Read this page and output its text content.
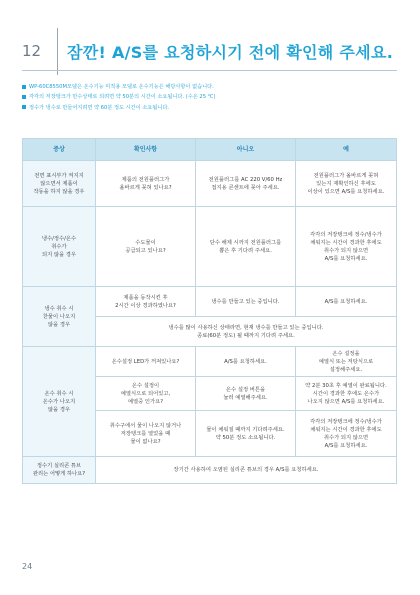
12 잠깐! A/S를 요청하시기 전에 확인해 주세요.
WP-60C8550M모델은 온수기능 미적용 모델로 온수기능은 해당사항이 없습니다.
각각의 저장탱크가 만수상태로 되려면 약 50분의 시간이 소요됩니다. (수온 25 ℃)
정수가 냉수로 만들어지려면 약 60분 정도 시간이 소요됩니다.
증상	확인사항	아니오	예
전면 표시부가 켜지지
않으면서 제품이
작동을 하지 않을 경우	제품의 전원플러그가
올바르게 꽂혀 있나요?	전원플러그를 AC 220 V/60 Hz
접지용 콘센트에 꽂아 주세요.	전원플러그가 올바르게 꽂혀
있는지 재확인하신 후에도
이상이 있으면 A/S를 요청하세요.
냉수/정수/온수
취수가
되지 않을 경우	수도물이
공급되고 있나요?	단수 해제 시까지 전원플러그를
뽑은 후 기다려 주세요.	각각의 저장탱크에 정수/냉수가
채워지는 시간이 경과한 후에도
취수가 되지 않으면
A/S를 요청하세요.
냉수 취수 시
찬물이 나오지
않을 경우	제품을 동작시킨 후
2시간 이상 경과하였나요?	냉수를 만들고 있는 중입니다.	A/S를 요청하세요.
	냉수를 많이 사용하신 상태라면, 현재 냉수를 만들고 있는 중입니다.
종료(60분 정도) 될 때까지 기다려 주세요.		
온수 취수 시
온수가 나오지
않을 경우	온수설정 LED가 꺼져있나요?	A/S를 요청하세요.	온수 설정을
예열식 또는 저탕식으로
설정해주세요.
	온수 설정이
예열식으로 되어있고,
예열중 인가요?	온수 설정 버튼을
눌러 예열해주세요.	약 2분 30초 후 예열이 완료됩니다.
시간이 경과한 후에도 온수가
나오지 않으면 A/S를 요청하세요.
	취수구에서 물이 나오지 않거나
저장탱크를 열었을 때
물이 없나요?	물이 채워질 때까지 기다려주세요.
약 50분 정도 소요됩니다.	각각의 저장탱크에 정수/냉수가
채워지는 시간이 경과한 후에도
취수가 되지 않으면
A/S를 요청하세요.
정수기 실리콘 튜브
관리는 어떻게 하나요?	장기간 사용하여 오염된 실리콘 튜브의 경우 A/S를 요청하세요.		
24
